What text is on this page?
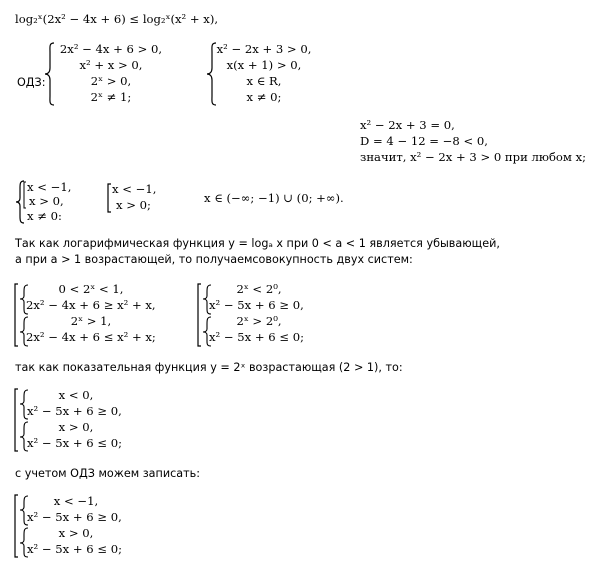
log₂ˣ(2x² − 4x + 6) ≤ log₂ˣ(x² + x),
ОДЗ:
2x² − 4x + 6 > 0,
x² + x > 0,
2ˣ > 0,
2ˣ ≠ 1;
x² − 2x + 3 > 0,
x(x + 1) > 0,
x ∈ R,
x ≠ 0;
x² − 2x + 3 = 0,
D = 4 − 12 = −8 < 0,
значит, x² − 2x + 3 > 0 при любом x;
x < −1,
x > 0,
x ≠ 0:
x < −1,
x > 0;	x ∈ (−∞; −1) ∪ (0; +∞).
Так как логарифмическая функция y = logₐ x при 0 < a < 1 является убывающей,
а при a > 1 возрастающей, то получаемсовокупность двух систем:
0 < 2ˣ < 1,
2x² − 4x + 6 ≥ x² + x,
2ˣ > 1,
2x² − 4x + 6 ≤ x² + x;
2ˣ < 2⁰,
x² − 5x + 6 ≥ 0,
2ˣ > 2⁰,
x² − 5x + 6 ≤ 0;
так как показательная функция y = 2ˣ возрастающая (2 > 1), то:
x < 0,
x² − 5x + 6 ≥ 0,
x > 0,
x² − 5x + 6 ≤ 0;
с учетом ОДЗ можем записать:
x < −1,
x² − 5x + 6 ≥ 0,
x > 0,
x² − 5x + 6 ≤ 0;
